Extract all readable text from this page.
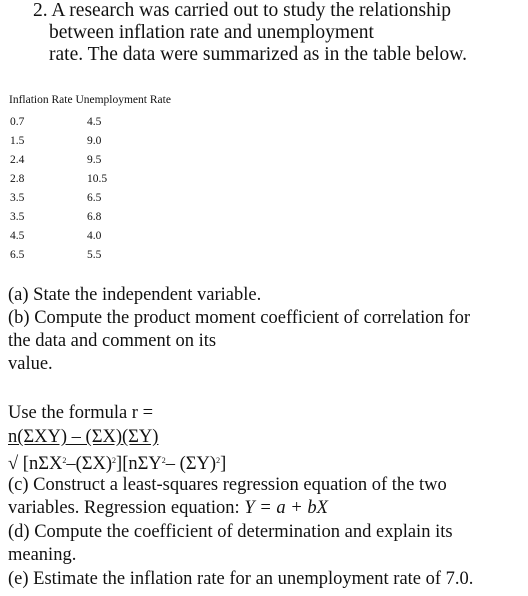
2. A research was carried out to study the relationship
between inflation rate and unemployment
rate. The data were summarized as in the table below.
Inflation Rate Unemployment Rate
0.7	4.5
1.5	9.0
2.4	9.5
2.8	10.5
3.5	6.5
3.5	6.8
4.5	4.0
6.5	5.5
(a) State the independent variable.
(b) Compute the product moment coefficient of correlation for
the data and comment on its
value.
Use the formula r =
n(ΣXY) – (ΣX)(ΣY)
√ $[n\Sigma X^2-(\Sigma X)^2][n\Sigma Y^2-$ $(\Sigma Y)^2$]
(c) Construct a least-squares regression equation of the two
variables. Regression equation: Y = a + bX
(d) Compute the coefficient of determination and explain its
meaning.
(e) Estimate the inflation rate for an unemployment rate of 7.0.
